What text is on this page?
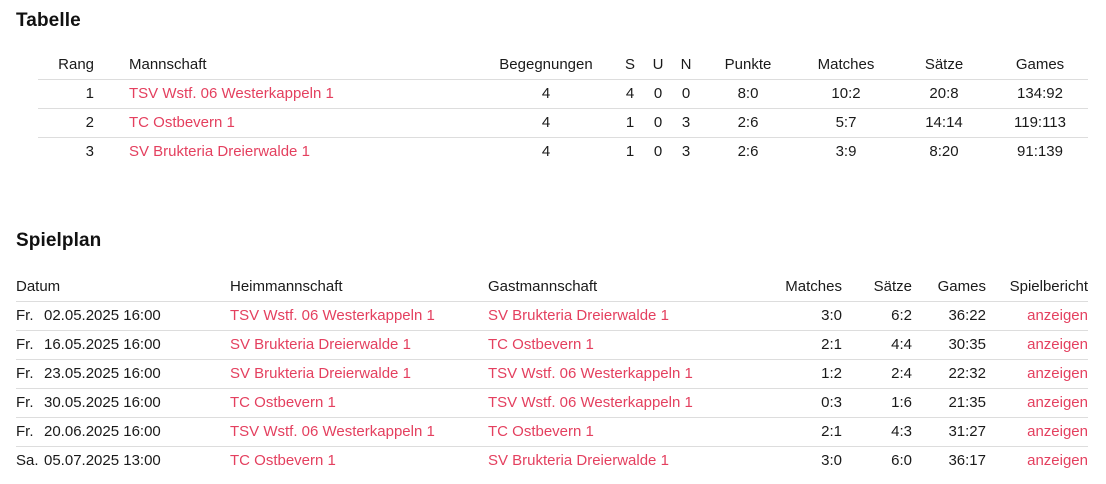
Tabelle
Rang	Mannschaft	Begegnungen	S	U	N	Punkte	Matches	Sätze	Games
1	TSV Wstf. 06 Westerkappeln 1	4	4	0	0	8:0	10:2	20:8	134:92
2	TC Ostbevern 1	4	1	0	3	2:6	5:7	14:14	119:113
3	SV Brukteria Dreierwalde 1	4	1	0	3	2:6	3:9	8:20	91:139
Spielplan
Datum		Heimmannschaft	Gastmannschaft	Matches	Sätze	Games	Spielbericht
Fr.	02.05.2025 16:00	TSV Wstf. 06 Westerkappeln 1	SV Brukteria Dreierwalde 1	3:0	6:2	36:22	anzeigen
Fr.	16.05.2025 16:00	SV Brukteria Dreierwalde 1	TC Ostbevern 1	2:1	4:4	30:35	anzeigen
Fr.	23.05.2025 16:00	SV Brukteria Dreierwalde 1	TSV Wstf. 06 Westerkappeln 1	1:2	2:4	22:32	anzeigen
Fr.	30.05.2025 16:00	TC Ostbevern 1	TSV Wstf. 06 Westerkappeln 1	0:3	1:6	21:35	anzeigen
Fr.	20.06.2025 16:00	TSV Wstf. 06 Westerkappeln 1	TC Ostbevern 1	2:1	4:3	31:27	anzeigen
Sa.	05.07.2025 13:00	TC Ostbevern 1	SV Brukteria Dreierwalde 1	3:0	6:0	36:17	anzeigen
